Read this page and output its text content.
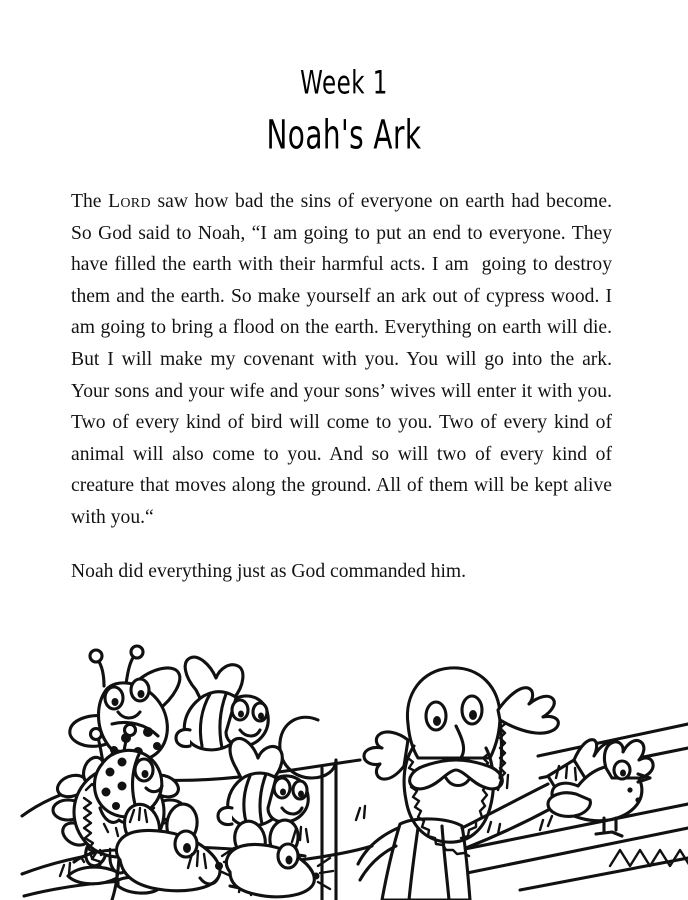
Week 1
Noah's Ark

The Lord saw how bad the sins of everyone on earth had become. So God said to Noah, “I am going to put an end to everyone. They have filled the earth with their harmful acts. I am  going to destroy them and the earth. So make yourself an ark out of cypress wood. I am going to bring a flood on the earth. Everything on earth will die. But I will make my covenant with you. You will go into the ark. Your sons and your wife and your sons’ wives will enter it with you. Two of every kind of bird will come to you. Two of every kind of animal will also come to you. And so will two of every kind of creature that moves along the ground. All of them will be kept alive with you.“

Noah did everything just as God commanded him.
